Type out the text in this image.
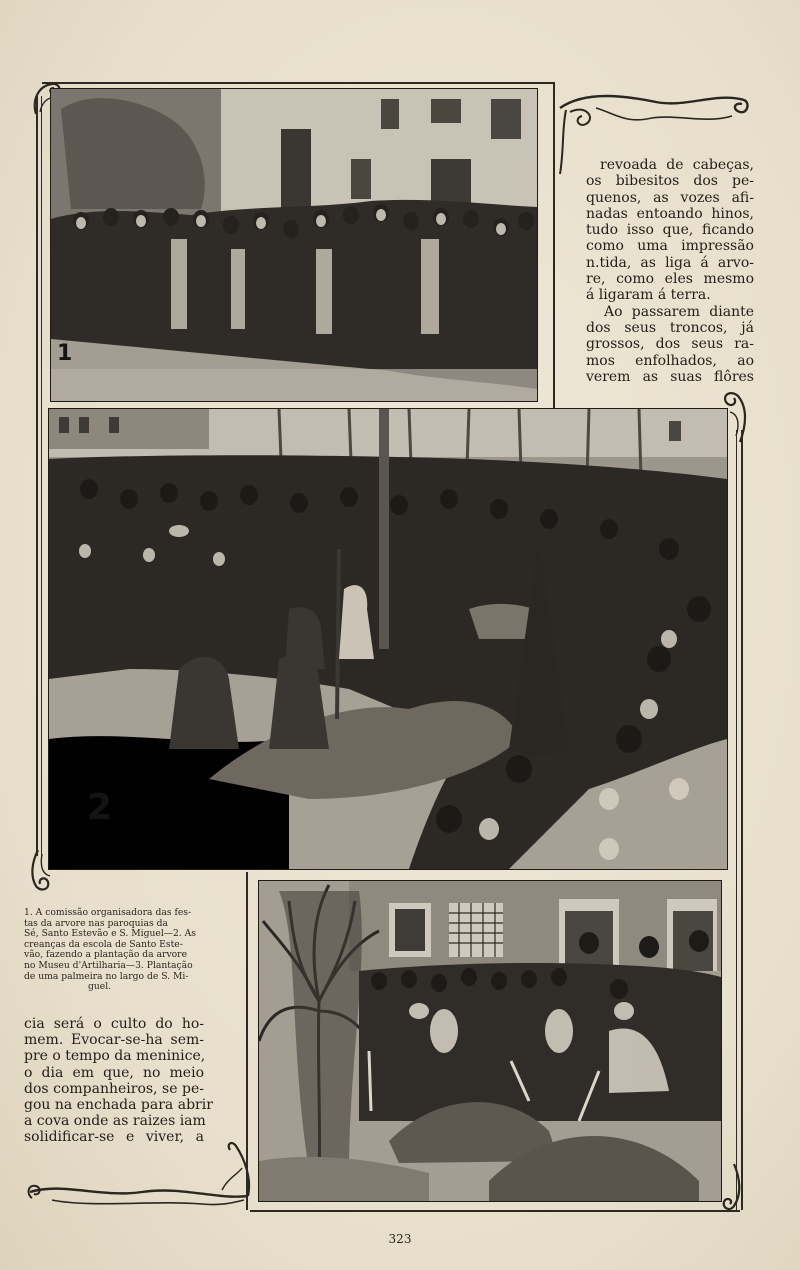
1
revoada de cabeças,
os bibesitos dos pe-
quenos, as vozes afi-
nadas entoando hinos,
tudo isso que, ficando
como uma impressão
n.tida, as liga á arvo-
re, como eles mesmo
á ligaram á terra.
Ao passarem diante
dos seus troncos, já
grossos, dos seus ra-
mos enfolhados, ao
verem as suas flôres
2
1. A comissão organisadora das fes-
tas da arvore nas paroquias da
Sé, Santo Estevão e S. Miguel—2. As
creanças da escola de Santo Este-
vão, fazendo a plantação da arvore
no Museu d'Artilharia—3. Plantação
de uma palmeira no largo de S. Mi-
guel.
cia será o culto do ho-
mem. Evocar-se-ha sem-
pre o tempo da meninice,
o dia em que, no meio
dos companheiros, se pe-
gou na enchada para abrir
a cova onde as raizes iam
solidificar-se e viver, a
323
